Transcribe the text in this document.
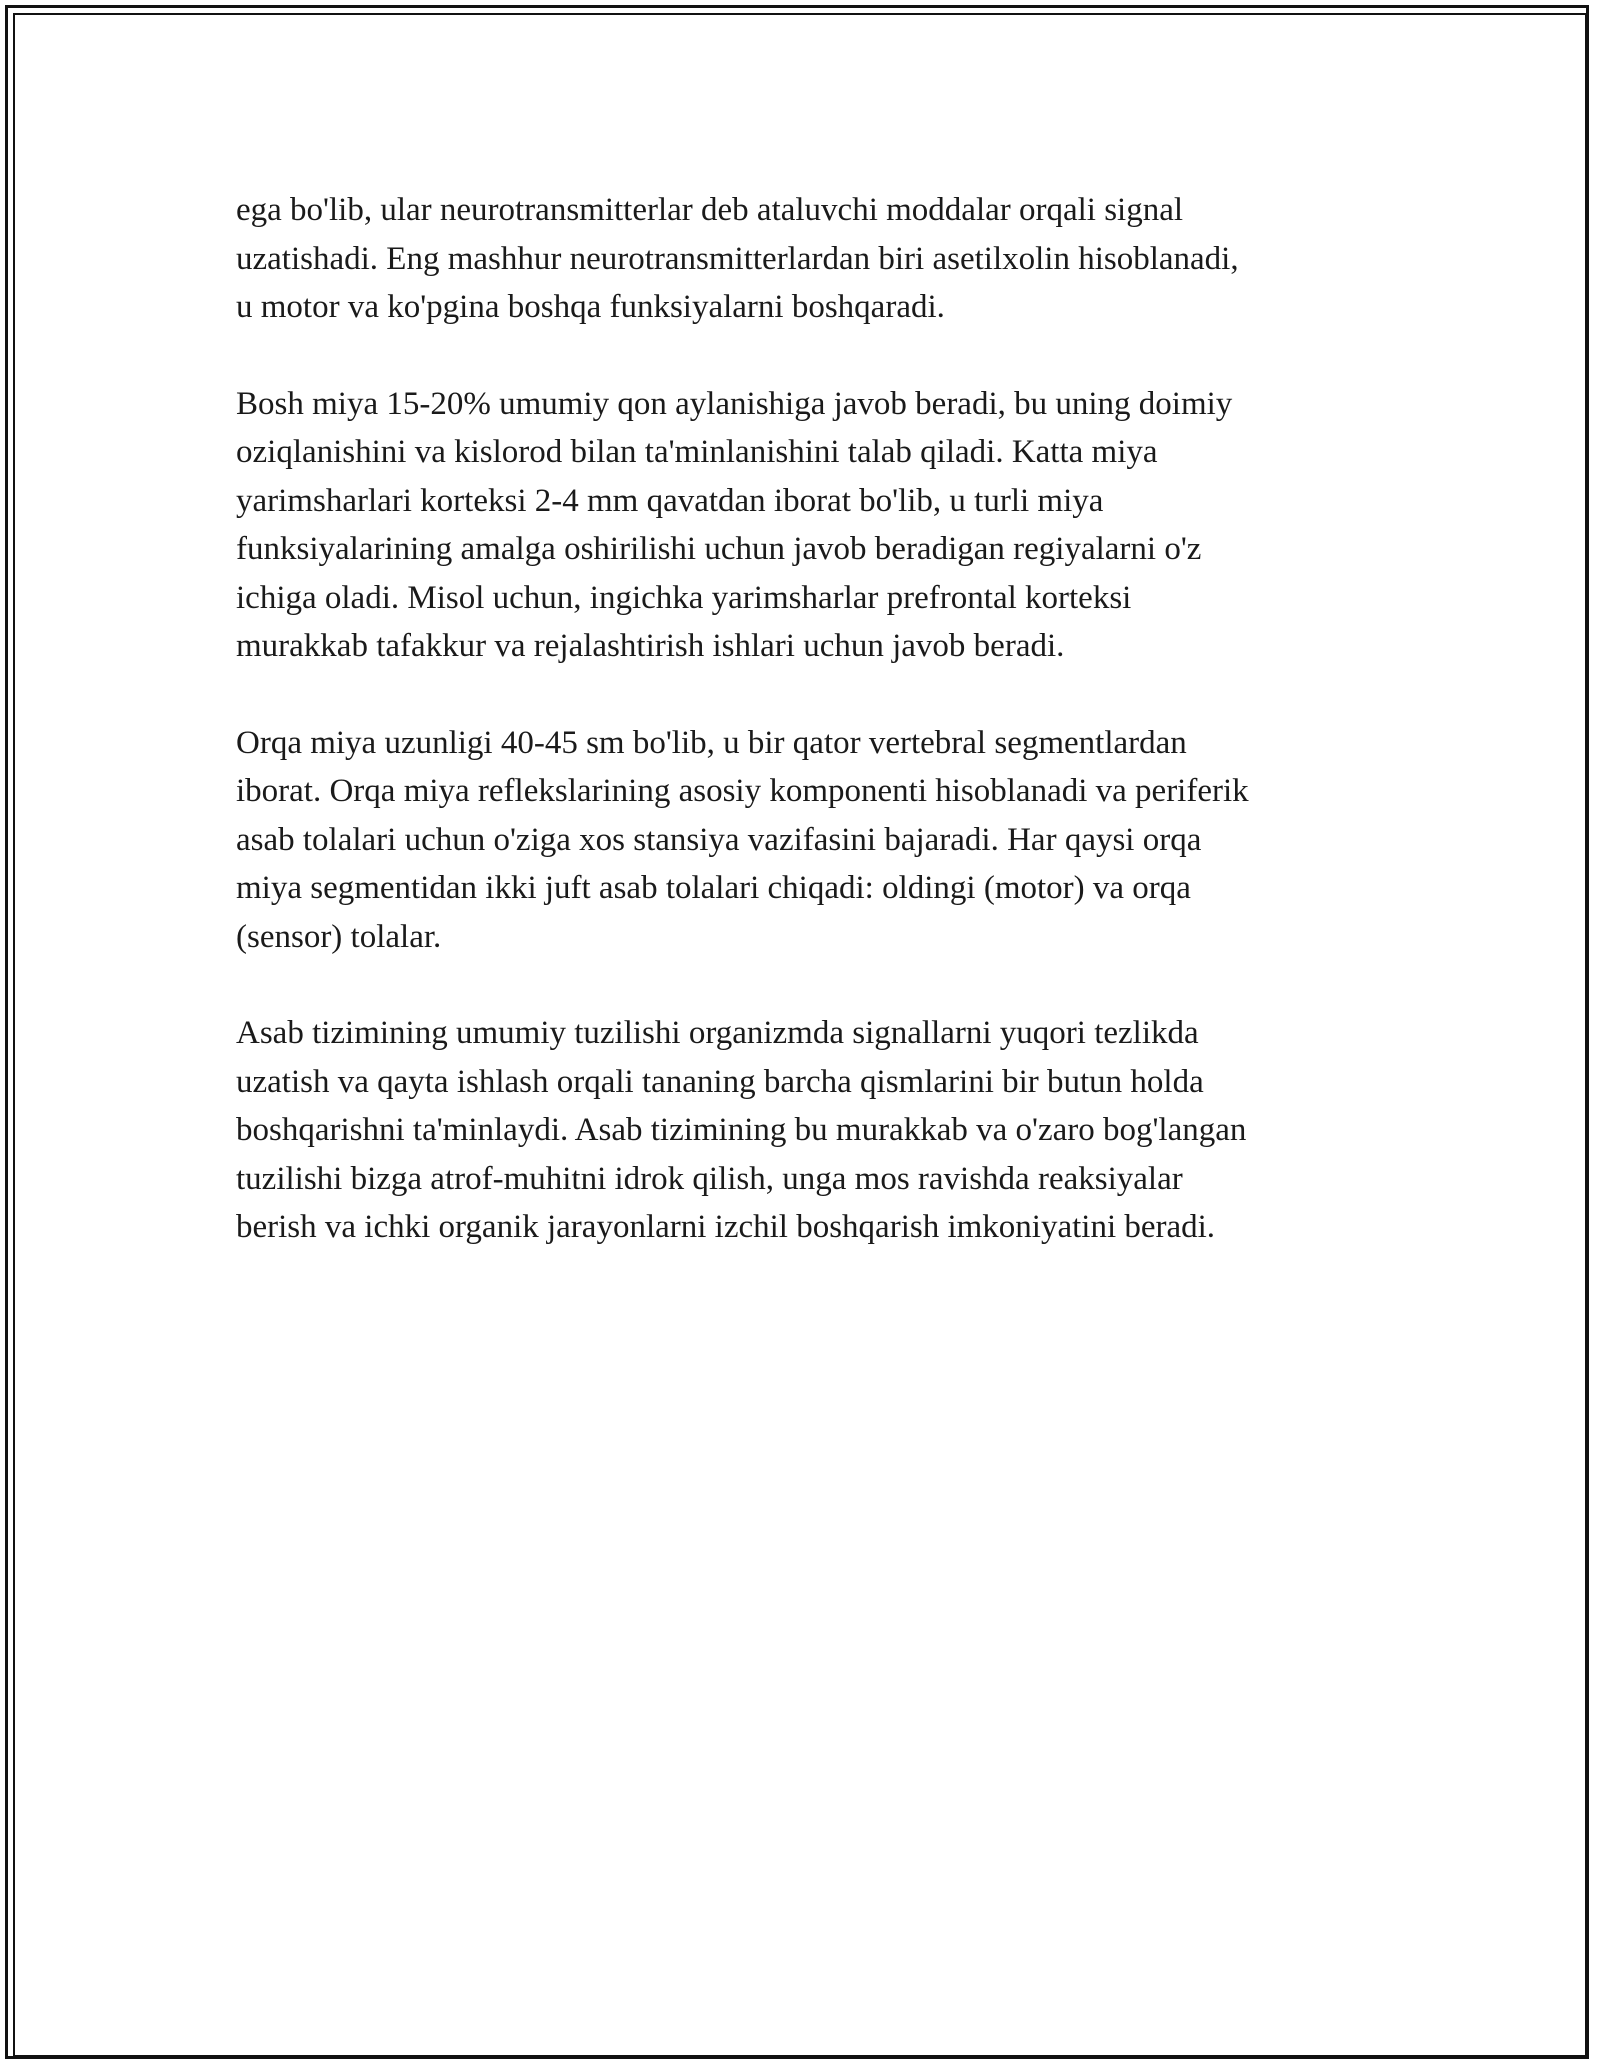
ega bo'lib, ular neurotransmitterlar deb ataluvchi moddalar orqali signal
uzatishadi. Eng mashhur neurotransmitterlardan biri asetilxolin hisoblanadi,
u motor va ko'pgina boshqa funksiyalarni boshqaradi.

Bosh miya 15-20% umumiy qon aylanishiga javob beradi, bu uning doimiy
oziqlanishini va kislorod bilan ta'minlanishini talab qiladi. Katta miya
yarimsharlari korteksi 2-4 mm qavatdan iborat bo'lib, u turli miya
funksiyalarining amalga oshirilishi uchun javob beradigan regiyalarni o'z
ichiga oladi. Misol uchun, ingichka yarimsharlar prefrontal korteksi
murakkab tafakkur va rejalashtirish ishlari uchun javob beradi.

Orqa miya uzunligi 40-45 sm bo'lib, u bir qator vertebral segmentlardan
iborat. Orqa miya reflekslarining asosiy komponenti hisoblanadi va periferik
asab tolalari uchun o'ziga xos stansiya vazifasini bajaradi. Har qaysi orqa
miya segmentidan ikki juft asab tolalari chiqadi: oldingi (motor) va orqa
(sensor) tolalar.

Asab tizimining umumiy tuzilishi organizmda signallarni yuqori tezlikda
uzatish va qayta ishlash orqali tananing barcha qismlarini bir butun holda
boshqarishni ta'minlaydi. Asab tizimining bu murakkab va o'zaro bog'langan
tuzilishi bizga atrof-muhitni idrok qilish, unga mos ravishda reaksiyalar
berish va ichki organik jarayonlarni izchil boshqarish imkoniyatini beradi.
